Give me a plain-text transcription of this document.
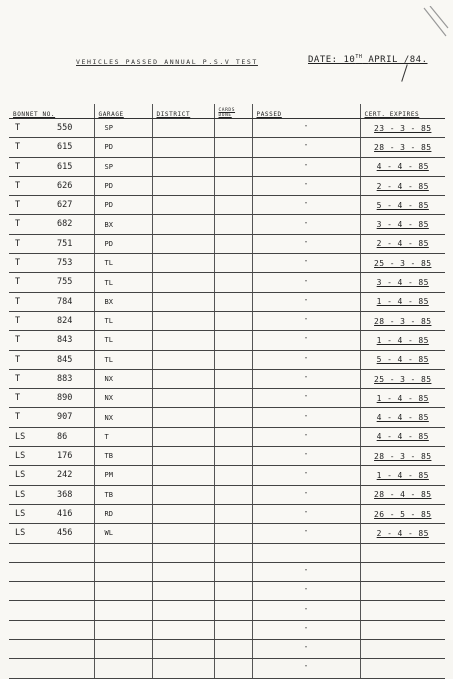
VEHICLES PASSED ANNUAL P.S.V TEST	DATE: 10TH APRIL /84.
BONNET NO.	GARAGE	DISTRICT	CARDS DONE	PASSED	CERT. EXPIRES

T 550	SP			”	23 - 3 - 85

T 615	PD			”	28 - 3 - 85

T 615	SP			”	4 - 4 - 85

T 626	PD			”	2 - 4 - 85

T 627	PD			”	5 - 4 - 85

T 682	BX			”	3 - 4 - 85

T 751	PD			”	2 - 4 - 85

T 753	TL			”	25 - 3 - 85

T 755	TL			”	3 - 4 - 85

T 784	BX			”	1 - 4 - 85

T 824	TL			”	28 - 3 - 85

T 843	TL			”	1 - 4 - 85

T 845	TL			”	5 - 4 - 85

T 883	NX			”	25 - 3 - 85

T 890	NX			”	1 - 4 - 85

T 907	NX			”	4 - 4 - 85

LS 86	T			”	4 - 4 - 85

LS 176	TB			”	28 - 3 - 85

LS 242	PM			”	1 - 4 - 85

LS 368	TB			”	28 - 4 - 85

LS 416	RD			”	26 - 5 - 85

LS 456	WL			”	2 - 4 - 85

				”	

				”	

				”	

				”	

				”	

				”	
